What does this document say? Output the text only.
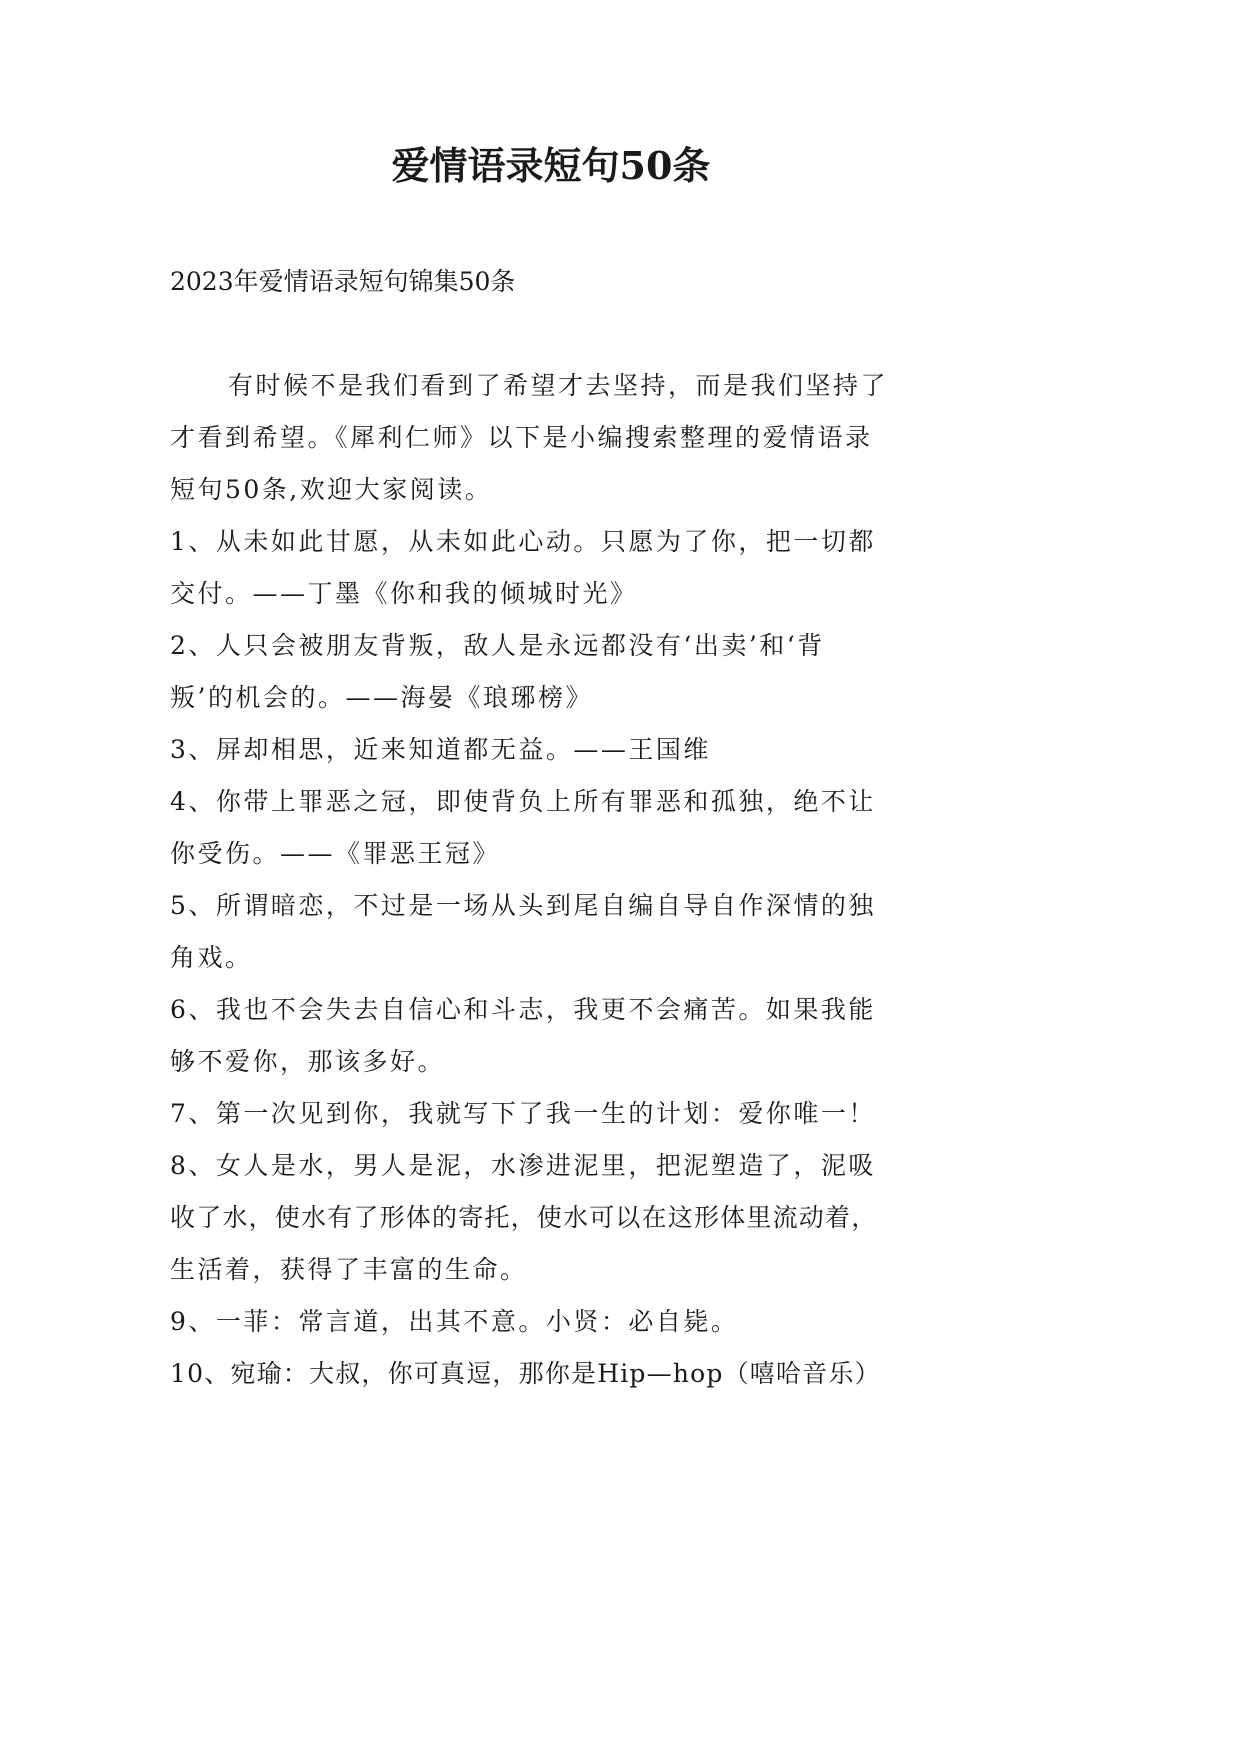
爱情语录短句50条

2023年爱情语录短句锦集50条

有时候不是我们看到了希望才去坚持，而是我们坚持了

才看到希望。《犀利仁师》以下是小编搜索整理的爱情语录

短句50条,欢迎大家阅读。

1、从未如此甘愿，从未如此心动。只愿为了你，把一切都

交付。——丁墨《你和我的倾城时光》

2、人只会被朋友背叛，敌人是永远都没有‘出卖’和‘背

叛’的机会的。——海晏《琅琊榜》

3、屏却相思，近来知道都无益。——王国维

4、你带上罪恶之冠，即使背负上所有罪恶和孤独，绝不让

你受伤。——《罪恶王冠》

5、所谓暗恋，不过是一场从头到尾自编自导自作深情的独

角戏。

6、我也不会失去自信心和斗志，我更不会痛苦。如果我能

够不爱你，那该多好。

7、第一次见到你，我就写下了我一生的计划：爱你唯一！

8、女人是水，男人是泥，水渗进泥里，把泥塑造了，泥吸

收了水，使水有了形体的寄托，使水可以在这形体里流动着，

生活着，获得了丰富的生命。

9、一菲：常言道，出其不意。小贤：必自毙。

10、宛瑜：大叔，你可真逗，那你是Hip—hop（嘻哈音乐）
